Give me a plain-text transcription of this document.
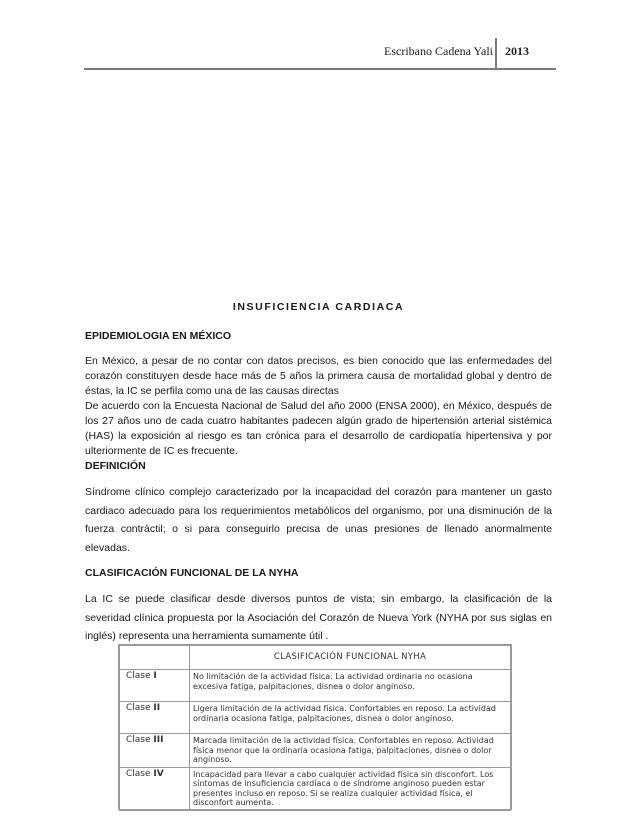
Escribano Cadena Yali 2013
INSUFICIENCIA CARDIACA
EPIDEMIOLOGIA EN MÉXICO

En México, a pesar de no contar con datos precisos, es bien conocido que las enfermedades del corazón constituyen desde hace más de 5 años la primera causa de mortalidad global y dentro de éstas, la IC se perfila como una de las causas directas

De acuerdo con la Encuesta Nacional de Salud del año 2000 (ENSA 2000), en México, después de los 27 años uno de cada cuatro habitantes padecen algún grado de hipertensión arterial sistémica (HAS) la exposición al riesgo es tan crónica para el desarrollo de cardiopatía hipertensiva y por ulteriormente de IC es frecuente.

DEFINICIÓN

Síndrome clínico complejo caracterizado por la incapacidad del corazón para mantener un gasto cardiaco adecuado para los requerimientos metabólicos del organismo, por una disminución de la fuerza contráctil; o si para conseguirlo precisa de unas presiones de llenado anormalmente elevadas.

CLASIFICACIÓN FUNCIONAL DE LA NYHA

La IC se puede clasificar desde diversos puntos de vista; sin embargo, la clasificación de la severidad clínica propuesta por la Asociación del Corazón de Nueva York (NYHA por sus siglas en inglés) representa una herramienta sumamente útil .

	CLASIFICACIÓN FUNCIONAL NYHA
Clase I	No limitación de la actividad física. La actividad ordinaria no ocasiona excesiva fatiga, palpitaciones, disnea o dolor anginoso.
Clase II	Ligera limitación de la actividad física. Confortables en reposo. La actividad ordinaria ocasiona fatiga, palpitaciones, disnea o dolor anginoso.
Clase III	Marcada limitación de la actividad física. Confortables en reposo. Actividad física menor que la ordinaria ocasiona fatiga, palpitaciones, disnea o dolor anginoso.
Clase IV	Incapacidad para llevar a cabo cualquier actividad física sin disconfort. Los síntomas de insuficiencia cardíaca o de síndrome anginoso pueden estar presentes incluso en reposo. Si se realiza cualquier actividad física, el disconfort aumenta.
